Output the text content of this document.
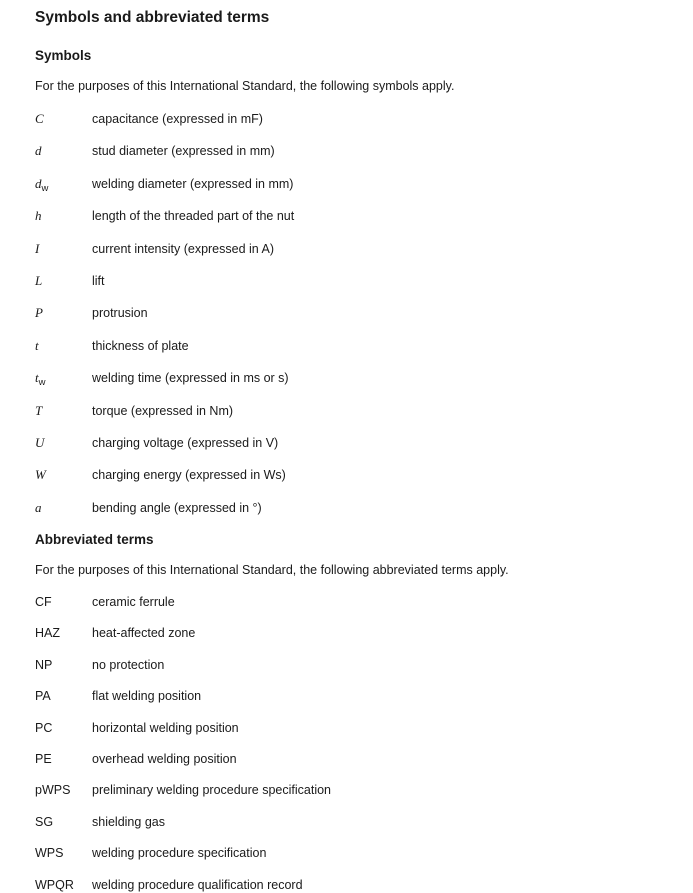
Symbols and abbreviated terms
Symbols

For the purposes of this International Standard, the following symbols apply.

C	capacitance (expressed in mF)
d	stud diameter (expressed in mm)
$d_w$	welding diameter (expressed in mm)
h	length of the threaded part of the nut
I	current intensity (expressed in A)
L	lift
P	protrusion
t	thickness of plate
$t_w$	welding time (expressed in ms or s)
T	torque (expressed in Nm)
U	charging voltage (expressed in V)
W	charging energy (expressed in Ws)
a	bending angle (expressed in °)
Abbreviated terms

For the purposes of this International Standard, the following abbreviated terms apply.

CF	ceramic ferrule
HAZ	heat-affected zone
NP	no protection
PA	flat welding position
PC	horizontal welding position
PE	overhead welding position
pWPS	preliminary welding procedure specification
SG	shielding gas
WPS	welding procedure specification
WPQR	welding procedure qualification record
